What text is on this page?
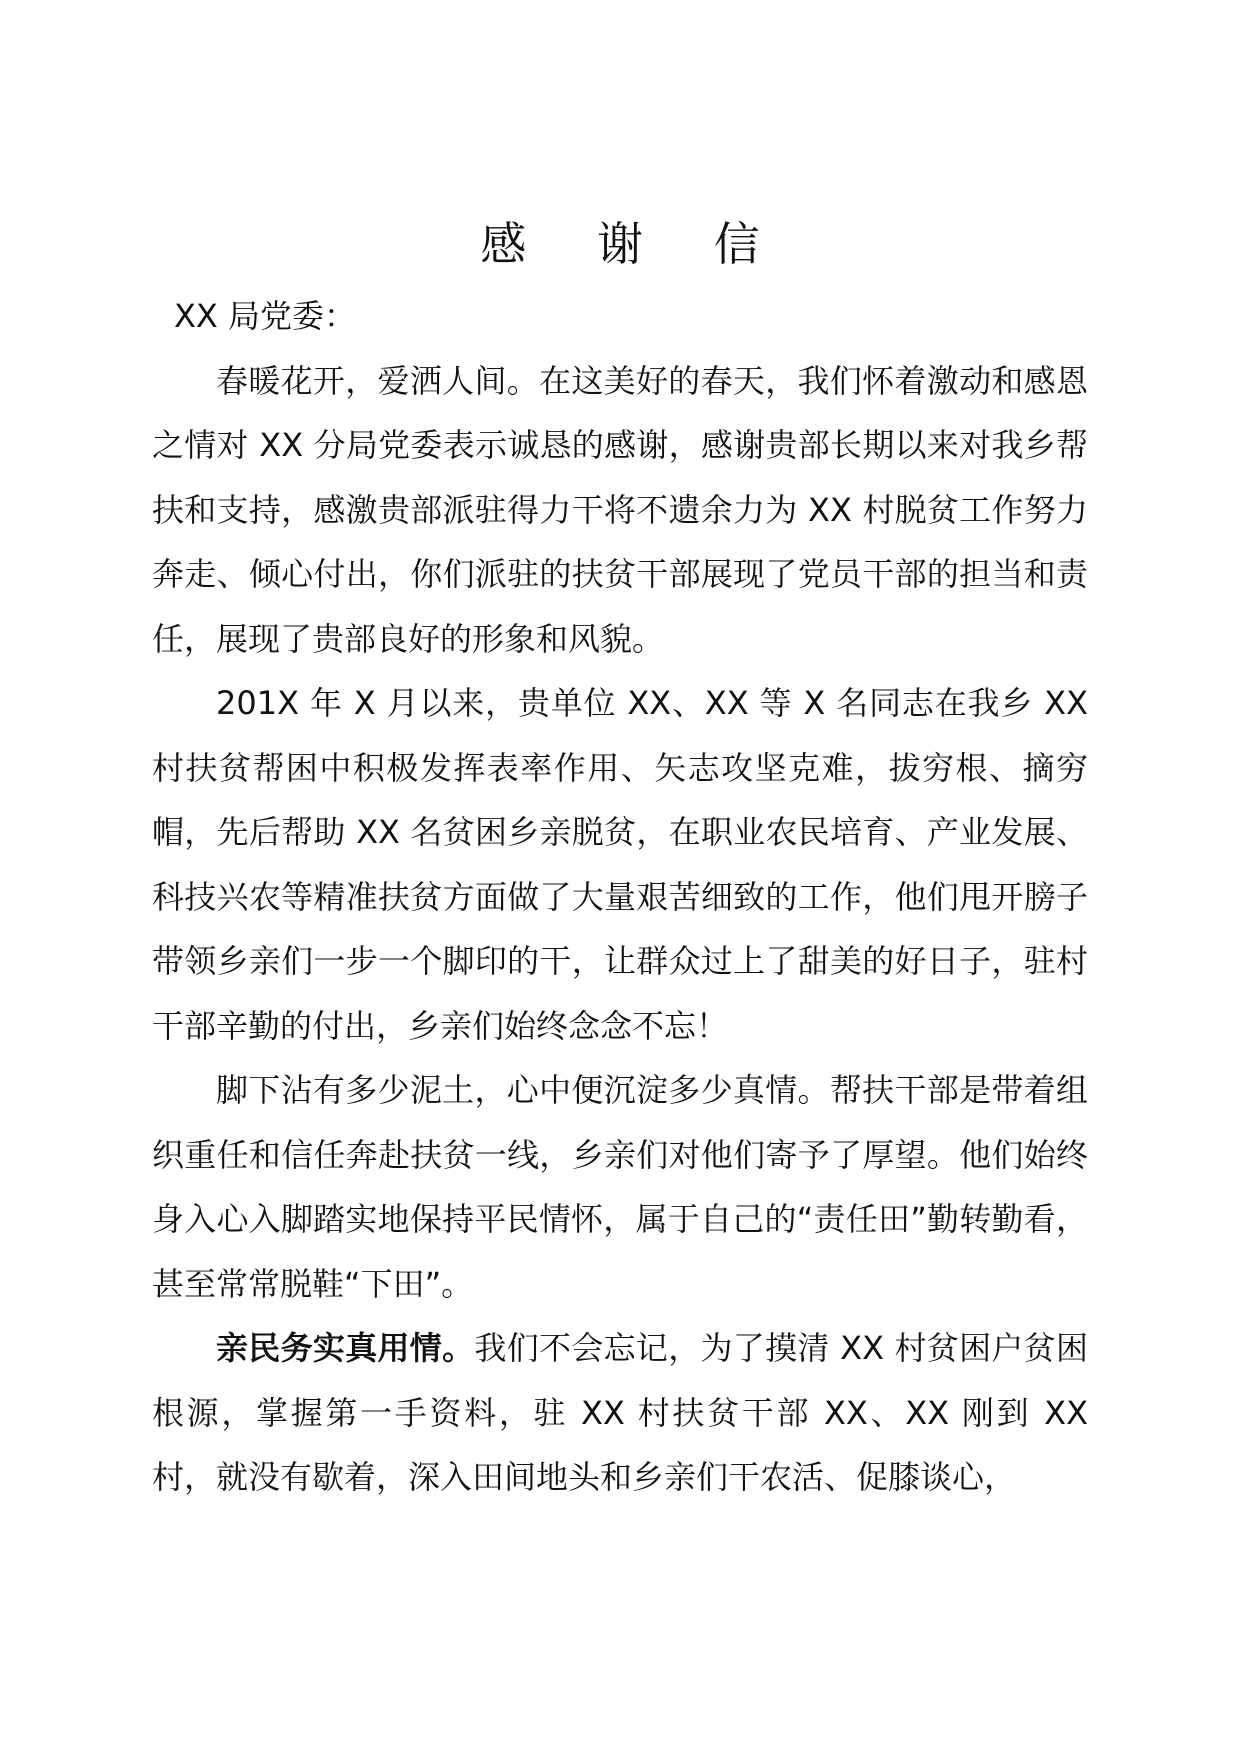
感 谢 信

XX 局党委：

春暖花开，爱洒人间。在这美好的春天，我们怀着激动和感恩之情对 XX 分局党委表示诚恳的感谢，感谢贵部长期以来对我乡帮扶和支持，感激贵部派驻得力干将不遗余力为 XX 村脱贫工作努力奔走、倾心付出，你们派驻的扶贫干部展现了党员干部的担当和责任，展现了贵部良好的形象和风貌。

201X 年 X 月以来，贵单位 XX、XX 等 X 名同志在我乡 XX 村扶贫帮困中积极发挥表率作用、矢志攻坚克难，拔穷根、摘穷帽，先后帮助 XX 名贫困乡亲脱贫，在职业农民培育、产业发展、科技兴农等精准扶贫方面做了大量艰苦细致的工作，他们甩开膀子带领乡亲们一步一个脚印的干，让群众过上了甜美的好日子，驻村干部辛勤的付出，乡亲们始终念念不忘！

脚下沾有多少泥土，心中便沉淀多少真情。帮扶干部是带着组织重任和信任奔赴扶贫一线，乡亲们对他们寄予了厚望。他们始终身入心入脚踏实地保持平民情怀，属于自己的“责任田”勤转勤看，甚至常常脱鞋“下田”。

亲民务实真用情。我们不会忘记，为了摸清 XX 村贫困户贫困根源，掌握第一手资料，驻 XX 村扶贫干部 XX、XX 刚到 XX 村，就没有歇着，深入田间地头和乡亲们干农活、促膝谈心，
